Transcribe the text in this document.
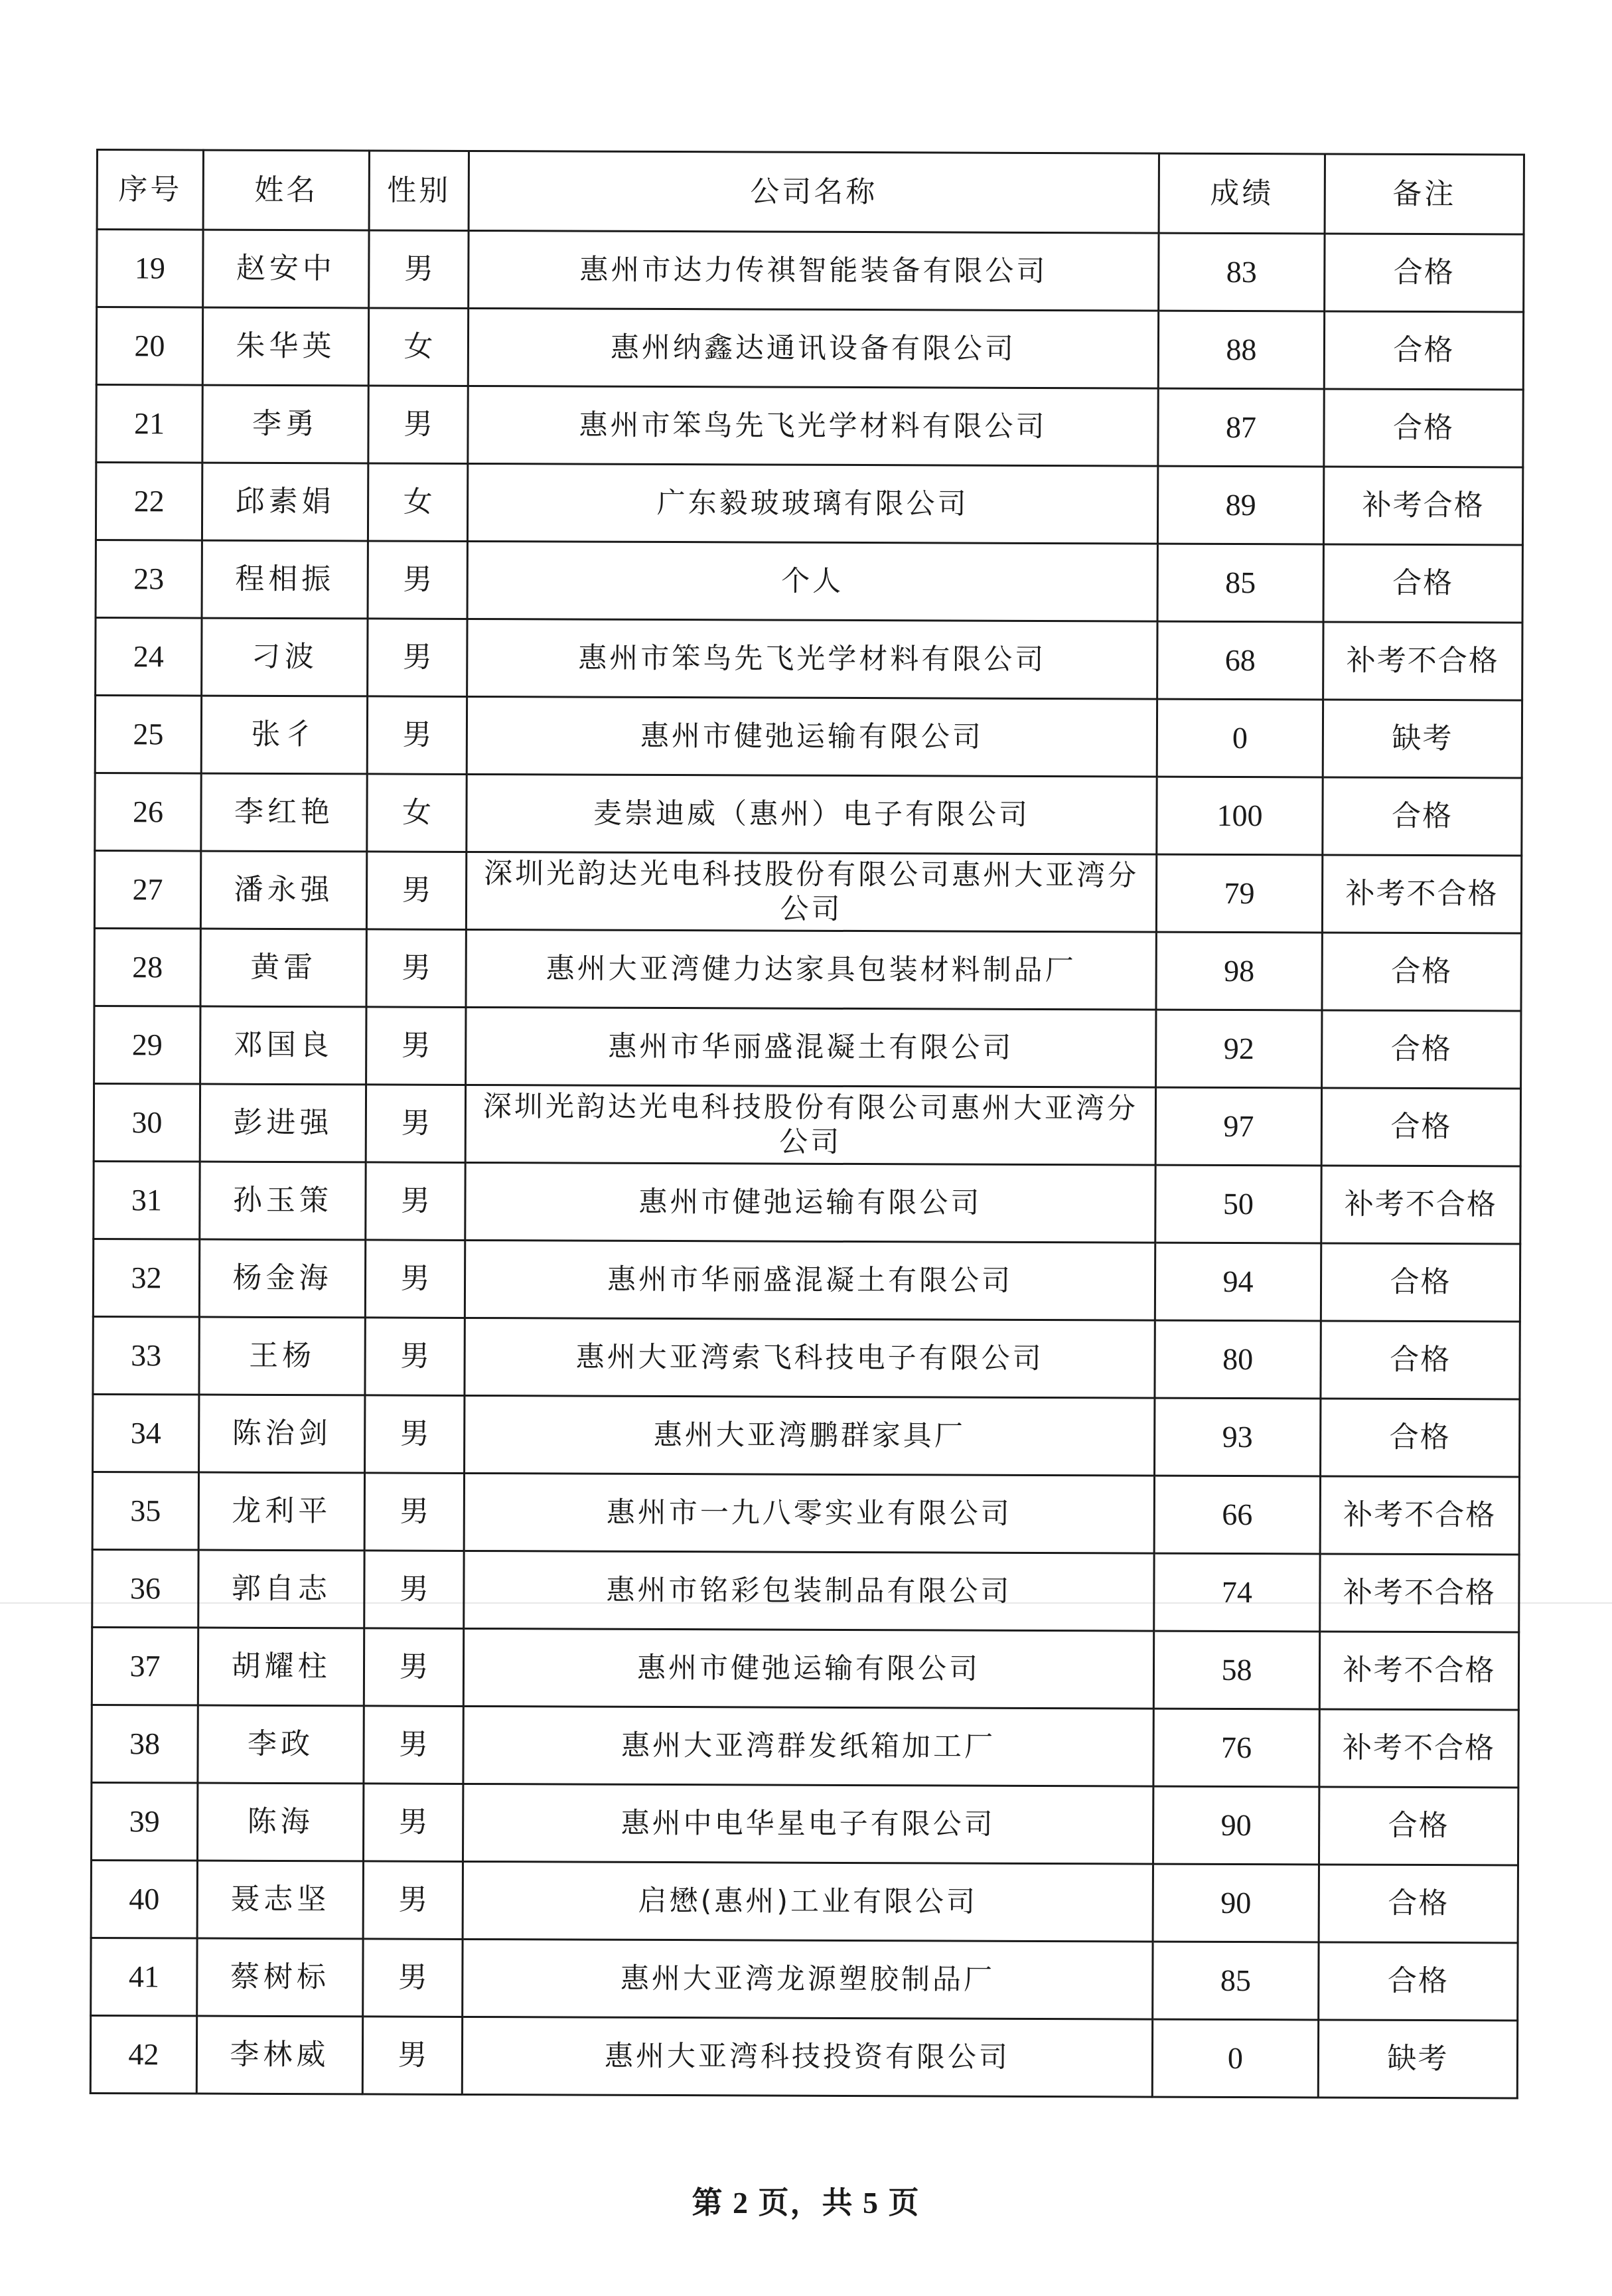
序号	姓名	性别	公司名称	成绩	备注
19	赵安中	男	惠州市达力传祺智能装备有限公司	83	合格
20	朱华英	女	惠州纳鑫达通讯设备有限公司	88	合格
21	李勇	男	惠州市笨鸟先飞光学材料有限公司	87	合格
22	邱素娟	女	广东毅玻玻璃有限公司	89	补考合格
23	程相振	男	个人	85	合格
24	刁波	男	惠州市笨鸟先飞光学材料有限公司	68	补考不合格
25	张彳	男	惠州市健弛运输有限公司	0	缺考
26	李红艳	女	麦崇迪威（惠州）电子有限公司	100	合格
27	潘永强	男	深圳光韵达光电科技股份有限公司惠州大亚湾分公司	79	补考不合格
28	黄雷	男	惠州大亚湾健力达家具包装材料制品厂	98	合格
29	邓国良	男	惠州市华丽盛混凝土有限公司	92	合格
30	彭进强	男	深圳光韵达光电科技股份有限公司惠州大亚湾分公司	97	合格
31	孙玉策	男	惠州市健弛运输有限公司	50	补考不合格
32	杨金海	男	惠州市华丽盛混凝土有限公司	94	合格
33	王杨	男	惠州大亚湾索飞科技电子有限公司	80	合格
34	陈治剑	男	惠州大亚湾鹏群家具厂	93	合格
35	龙利平	男	惠州市一九八零实业有限公司	66	补考不合格
36	郭自志	男	惠州市铭彩包装制品有限公司	74	补考不合格
37	胡耀柱	男	惠州市健弛运输有限公司	58	补考不合格
38	李政	男	惠州大亚湾群发纸箱加工厂	76	补考不合格
39	陈海	男	惠州中电华星电子有限公司	90	合格
40	聂志坚	男	启懋(惠州)工业有限公司	90	合格
41	蔡树标	男	惠州大亚湾龙源塑胶制品厂	85	合格
42	李林威	男	惠州大亚湾科技投资有限公司	0	缺考
第 2 页，共 5 页
